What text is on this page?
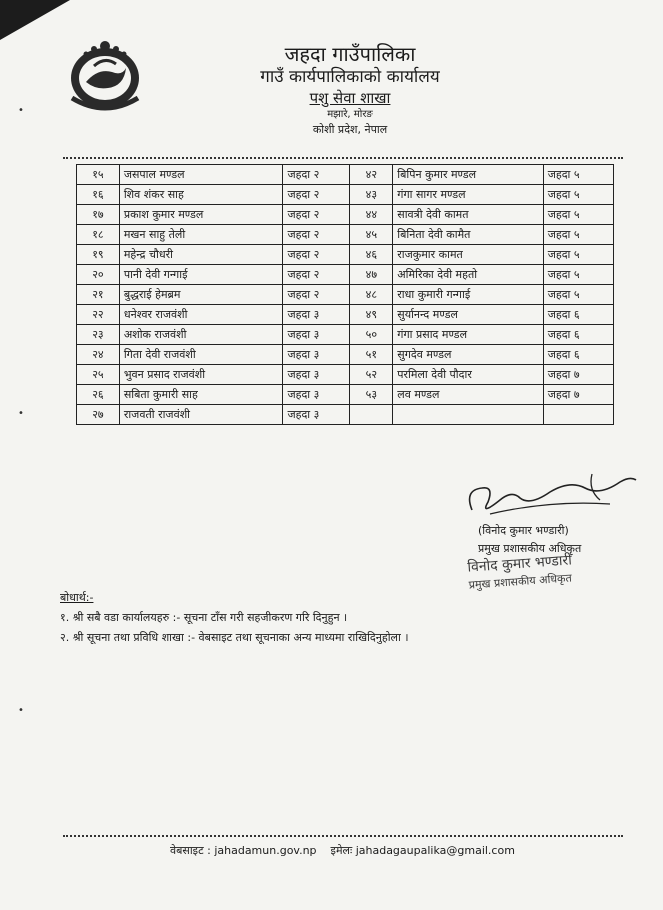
जहदा गाउँपालिका
गाउँ कार्यपालिकाको कार्यालय
पशु सेवा शाखा
मझारे, मोरङ
कोशी प्रदेश, नेपाल
१५	जसपाल मण्डल	जहदा २	४२	बिपिन कुमार मण्डल	जहदा ५
१६	शिव शंकर साह	जहदा २	४३	गंगा सागर मण्डल	जहदा ५
१७	प्रकाश कुमार मण्डल	जहदा २	४४	सावत्री देवी कामत	जहदा ५
१८	मखन साहु तेली	जहदा २	४५	बिनिता देवी कामैत	जहदा ५
१९	महेन्द्र चौधरी	जहदा २	४६	राजकुमार कामत	जहदा ५
२०	पानी देवी गन्गाई	जहदा २	४७	अमिरिका देवी महतो	जहदा ५
२१	बुद्धराई हेमब्रम	जहदा २	४८	राधा कुमारी गन्गाई	जहदा ५
२२	धनेश्वर राजवंशी	जहदा ३	४९	सुर्यानन्द मण्डल	जहदा ६
२३	अशोक राजवंशी	जहदा ३	५०	गंगा प्रसाद मण्डल	जहदा ६
२४	गिता देवी राजवंशी	जहदा ३	५१	सुगदेव मण्डल	जहदा ६
२५	भुवन प्रसाद राजवंशी	जहदा ३	५२	परमिला देवी पौदार	जहदा ७
२६	सबिता कुमारी साह	जहदा ३	५३	लव मण्डल	जहदा ७
२७	राजवती राजवंशी	जहदा ३			
(विनोद कुमार भण्डारी)
प्रमुख प्रशासकीय अधिकृत
विनोद कुमार भण्डारी
प्रमुख प्रशासकीय अधिकृत
बोधार्थ:-
१. श्री सबै वडा कार्यालयहरु :- सूचना टाँस गरी सहजीकरण गरि दिनुहुन ।
२. श्री सूचना तथा प्रविधि शाखा :- वेबसाइट तथा सूचनाका अन्य माध्यमा राखिदिनुहोला ।
वेबसाइट : jahadamun.gov.np इमेलः jahadagaupalika@gmail.com
•
•
•
